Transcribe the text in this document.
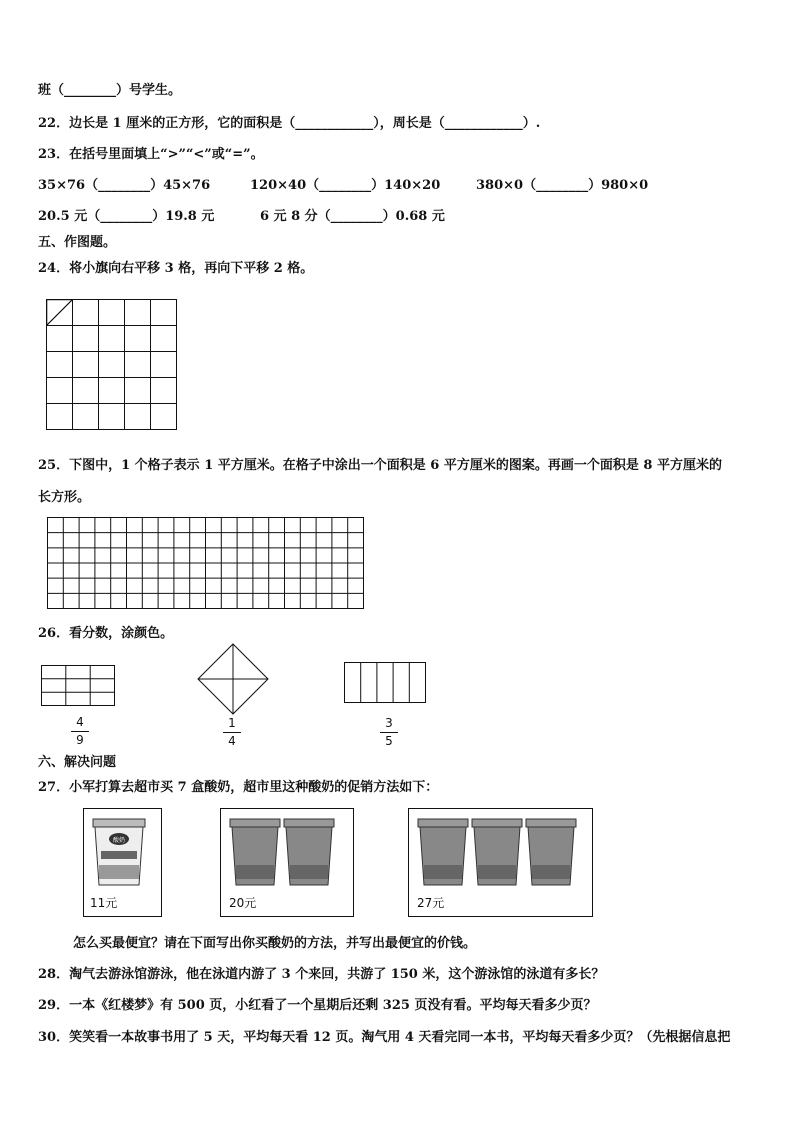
班（________）号学生。
22．边长是 1 厘米的正方形，它的面积是（____________），周长是（____________）.
23．在括号里面填上“>”“<”或“=”。
35×76（________）45×76	120×40（________）140×20	380×0（________）980×0
20.5 元（________）19.8 元	6 元 8 分（________）0.68 元
五、作图题。
24．将小旗向右平移 3 格，再向下平移 2 格。
25．下图中，1 个格子表示 1 平方厘米。在格子中涂出一个面积是 6 平方厘米的图案。再画一个面积是 8 平方厘米的
长方形。
26．看分数，涂颜色。
4
9
1
4
3
5
六、解决问题
27．小军打算去超市买 7 盒酸奶，超市里这种酸奶的促销方法如下：
酸奶
11元	20元	27元
怎么买最便宜？请在下面写出你买酸奶的方法，并写出最便宜的价钱。
28．淘气去游泳馆游泳，他在泳道内游了 3 个来回，共游了 150 米，这个游泳馆的泳道有多长？
29．一本《红楼梦》有 500 页，小红看了一个星期后还剩 325 页没有看。平均每天看多少页？
30．笑笑看一本故事书用了 5 天，平均每天看 12 页。淘气用 4 天看完同一本书，平均每天看多少页？（先根据信息把
